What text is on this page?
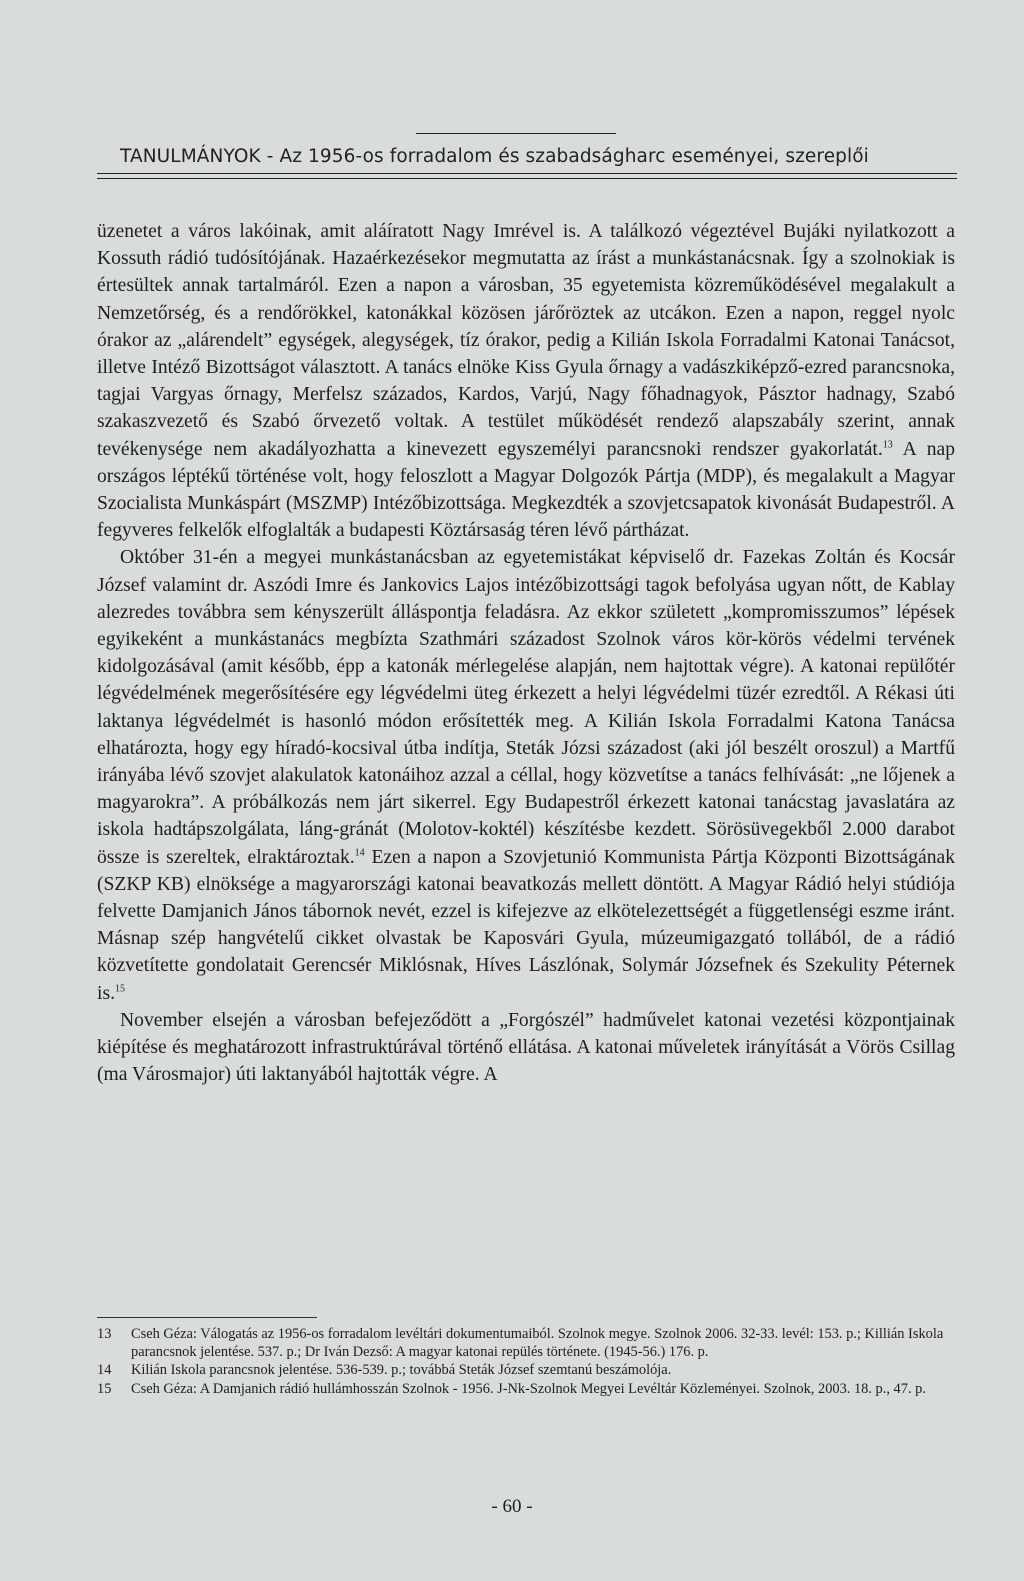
TANULMÁNYOK - Az 1956-os forradalom és szabadságharc eseményei, szereplői

üzenetet a város lakóinak, amit aláíratott Nagy Imrével is. A találkozó végeztével Bujáki nyilatkozott a Kossuth rádió tudósítójának. Hazaérkezésekor megmutatta az írást a munkástanácsnak. Így a szolnokiak is értesültek annak tartalmáról. Ezen a napon a városban, 35 egyetemista közreműködésével megalakult a Nemzetőrség, és a rendőrökkel, katonákkal közösen járőröztek az utcákon. Ezen a napon, reggel nyolc órakor az „alárendelt” egységek, alegységek, tíz órakor, pedig a Kilián Iskola Forradalmi Katonai Tanácsot, illetve Intéző Bizottságot választott. A tanács elnöke Kiss Gyula őrnagy a vadászkiképző-ezred parancsnoka, tagjai Vargyas őrnagy, Merfelsz százados, Kardos, Varjú, Nagy főhadnagyok, Pásztor hadnagy, Szabó szakaszvezető és Szabó őrvezető voltak. A testület működését rendező alapszabály szerint, annak tevékenysége nem akadályozhatta a kinevezett egyszemélyi parancsnoki rendszer gyakorlatát.$^{13}$ A nap országos léptékű történése volt, hogy feloszlott a Magyar Dolgozók Pártja (MDP), és megalakult a Magyar Szocialista Munkáspárt (MSZMP) Intézőbizottsága. Megkezdték a szovjetcsapatok kivonását Budapestről. A fegyveres felkelők elfoglalták a budapesti Köztársaság téren lévő pártházat.

Október 31-én a megyei munkástanácsban az egyetemistákat képviselő dr. Fazekas Zoltán és Kocsár József valamint dr. Aszódi Imre és Jankovics Lajos intézőbizottsági tagok befolyása ugyan nőtt, de Kablay alezredes továbbra sem kényszerült álláspontja feladásra. Az ekkor született „kompromisszumos” lépések egyikeként a munkástanács megbízta Szathmári századost Szolnok város kör-körös védelmi tervének kidolgozásával (amit később, épp a katonák mérlegelése alapján, nem hajtottak végre). A katonai repülőtér légvédelmének megerősítésére egy légvédelmi üteg érkezett a helyi légvédelmi tüzér ezredtől. A Rékasi úti laktanya légvédelmét is hasonló módon erősítették meg. A Kilián Iskola Forradalmi Katona Tanácsa elhatározta, hogy egy híradó-kocsival útba indítja, Steták Józsi századost (aki jól beszélt oroszul) a Martfű irányába lévő szovjet alakulatok katonáihoz azzal a céllal, hogy közvetítse a tanács felhívását: „ne lőjenek a magyarokra”. A próbálkozás nem járt sikerrel. Egy Budapestről érkezett katonai tanácstag javaslatára az iskola hadtápszolgálata, láng-gránát (Molotov-koktél) készítésbe kezdett. Sörösüvegekből 2.000 darabot össze is szereltek, elraktároztak.$^{14}$ Ezen a napon a Szovjetunió Kommunista Pártja Központi Bizottságának (SZKP KB) elnöksége a magyarországi katonai beavatkozás mellett döntött. A Magyar Rádió helyi stúdiója felvette Damjanich János tábornok nevét, ezzel is kifejezve az elkötelezettségét a függetlenségi eszme iránt. Másnap szép hangvételű cikket olvastak be Kaposvári Gyula, múzeumigazgató tollából, de a rádió közvetítette gondolatait Gerencsér Miklósnak, Híves Lászlónak, Solymár Józsefnek és Szekulity Péternek is.$^{15}$

November elsején a városban befejeződött a „Forgószél” hadművelet katonai vezetési központjainak kiépítése és meghatározott infrastruktúrával történő ellátása. A katonai műveletek irányítását a Vörös Csillag (ma Városmajor) úti laktanyából hajtották végre. A

13	Cseh Géza: Válogatás az 1956-os forradalom levéltári dokumentumaiból. Szolnok megye. Szolnok 2006. 32-33. levél: 153. p.; Killián Iskola parancsnok jelentése. 537. p.; Dr Iván Dezső: A magyar katonai repülés története. (1945-56.) 176. p.
14	Kilián Iskola parancsnok jelentése. 536-539. p.; továbbá Steták József szemtanú beszámolója.
15	Cseh Géza: A Damjanich rádió hullámhosszán Szolnok - 1956. J-Nk-Szolnok Megyei Levéltár Közleményei. Szolnok, 2003. 18. p., 47. p.
- 60 -
